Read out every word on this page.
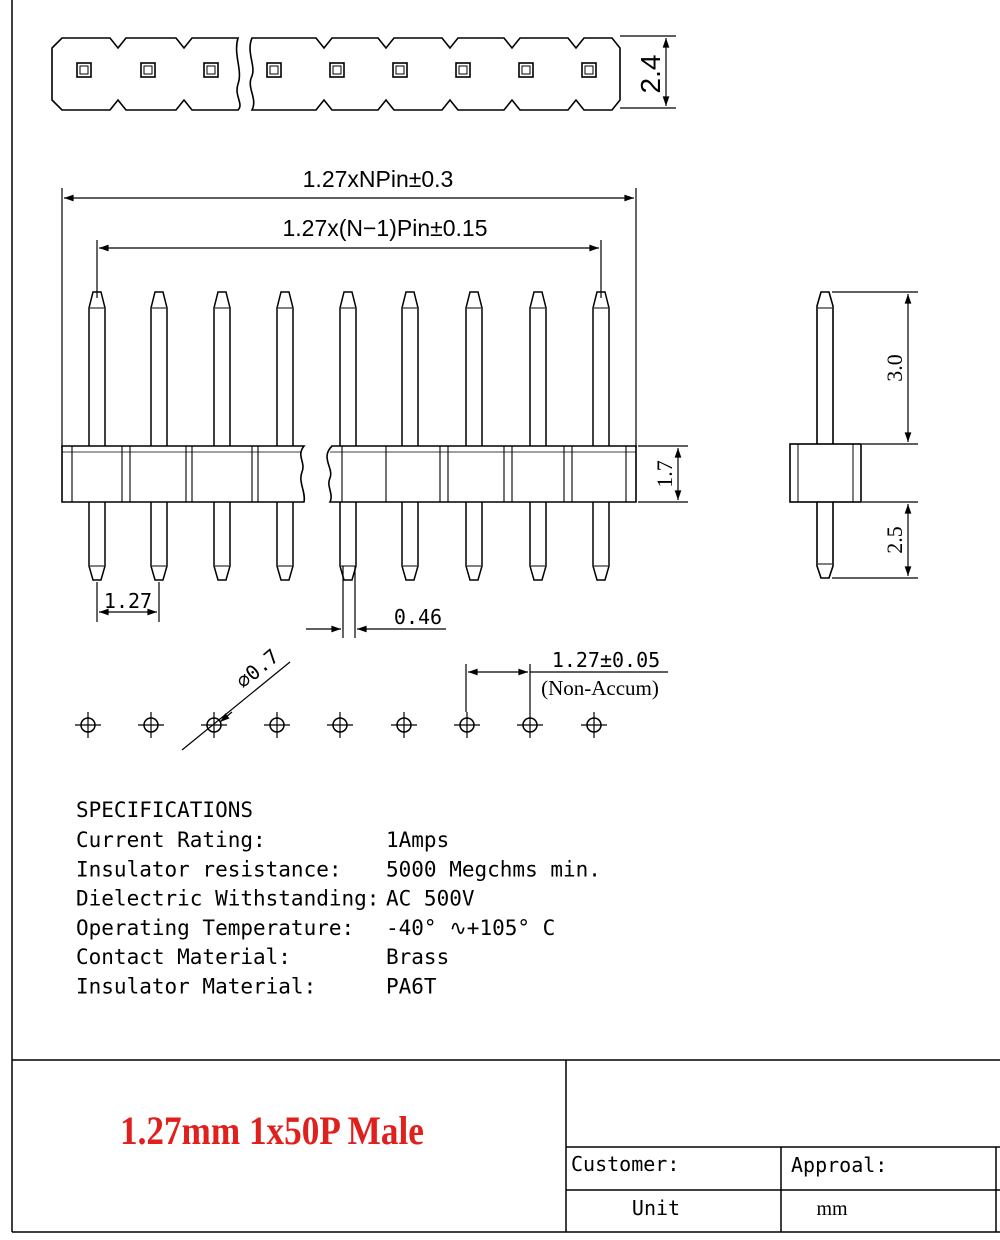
2.4
1.27xNPin±0.3
1.27x(N−1)Pin±0.15
1.7
1.27
0.46
3.0
2.5
⌀0.7	1.27±0.05
(Non-Accum)
SPECIFICATIONS
Current Rating:	1Amps
Insulator resistance: 5000 Megchms min.
Dielectric Withstanding: AC 500V
Operating Temperature: -40° ∿+105° C
Contact Material:	Brass
Insulator Material:	PA6T
1.27mm 1x50P Male
Customer:	Approal:
Unit	mm
